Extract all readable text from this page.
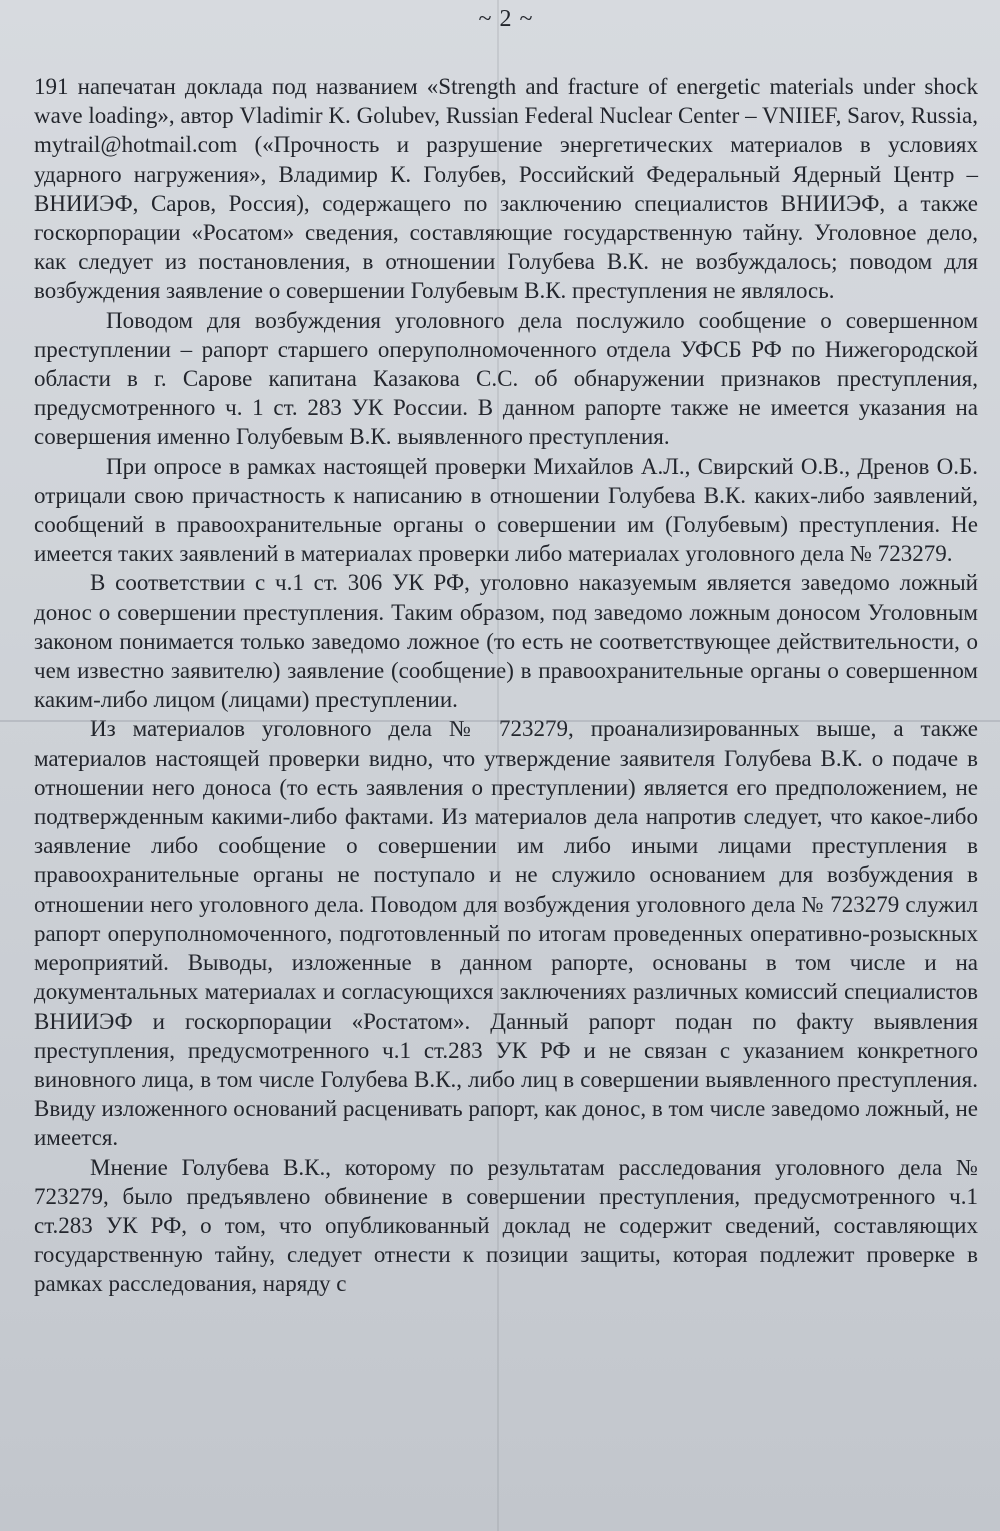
~ 2 ~

191 напечатан доклада под названием «Strength and fracture of energetic materials under shock wave loading», автор Vladimir K. Golubev, Russian Federal Nuclear Center – VNIIEF, Sarov, Russia, mytrail@hotmail.com («Прочность и разрушение энергетических материалов в условиях ударного нагружения», Владимир К. Голубев, Российский Федеральный Ядерный Центр – ВНИИЭФ, Саров, Россия), содержащего по заключению специалистов ВНИИЭФ, а также госкорпорации «Росатом» сведения, составляющие государственную тайну. Уголовное дело, как следует из постановления, в отношении Голубева В.К. не возбуждалось; поводом для возбуждения заявление о совершении Голубевым В.К. преступления не являлось.

Поводом для возбуждения уголовного дела послужило сообщение о совершенном преступлении – рапорт старшего оперуполномоченного отдела УФСБ РФ по Нижегородской области в г. Сарове капитана Казакова С.С. об обнаружении признаков преступления, предусмотренного ч. 1 ст. 283 УК России. В данном рапорте также не имеется указания на совершения именно Голубевым В.К. выявленного преступления.

При опросе в рамках настоящей проверки Михайлов А.Л., Свирский О.В., Дренов О.Б. отрицали свою причастность к написанию в отношении Голубева В.К. каких-либо заявлений, сообщений в правоохранительные органы о совершении им (Голубевым) преступления. Не имеется таких заявлений в материалах проверки либо материалах уголовного дела № 723279.

В соответствии с ч.1 ст. 306 УК РФ, уголовно наказуемым является заведомо ложный донос о совершении преступления. Таким образом, под заведомо ложным доносом Уголовным законом понимается только заведомо ложное (то есть не соответствующее действительности, о чем известно заявителю) заявление (сообщение) в правоохранительные органы о совершенном каким-либо лицом (лицами) преступлении.

Из материалов уголовного дела № 723279, проанализированных выше, а также материалов настоящей проверки видно, что утверждение заявителя Голубева В.К. о подаче в отношении него доноса (то есть заявления о преступлении) является его предположением, не подтвержденным какими-либо фактами. Из материалов дела напротив следует, что какое-либо заявление либо сообщение о совершении им либо иными лицами преступления в правоохранительные органы не поступало и не служило основанием для возбуждения в отношении него уголовного дела. Поводом для возбуждения уголовного дела № 723279 служил рапорт оперуполномоченного, подготовленный по итогам проведенных оперативно-розыскных мероприятий. Выводы, изложенные в данном рапорте, основаны в том числе и на документальных материалах и согласующихся заключениях различных комиссий специалистов ВНИИЭФ и госкорпорации «Ростатом». Данный рапорт подан по факту выявления преступления, предусмотренного ч.1 ст.283 УК РФ и не связан с указанием конкретного виновного лица, в том числе Голубева В.К., либо лиц в совершении выявленного преступления. Ввиду изложенного оснований расценивать рапорт, как донос, в том числе заведомо ложный, не имеется.

Мнение Голубева В.К., которому по результатам расследования уголовного дела № 723279, было предъявлено обвинение в совершении преступления, предусмотренного ч.1 ст.283 УК РФ, о том, что опубликованный доклад не содержит сведений, составляющих государственную тайну, следует отнести к позиции защиты, которая подлежит проверке в рамках расследования, наряду с
